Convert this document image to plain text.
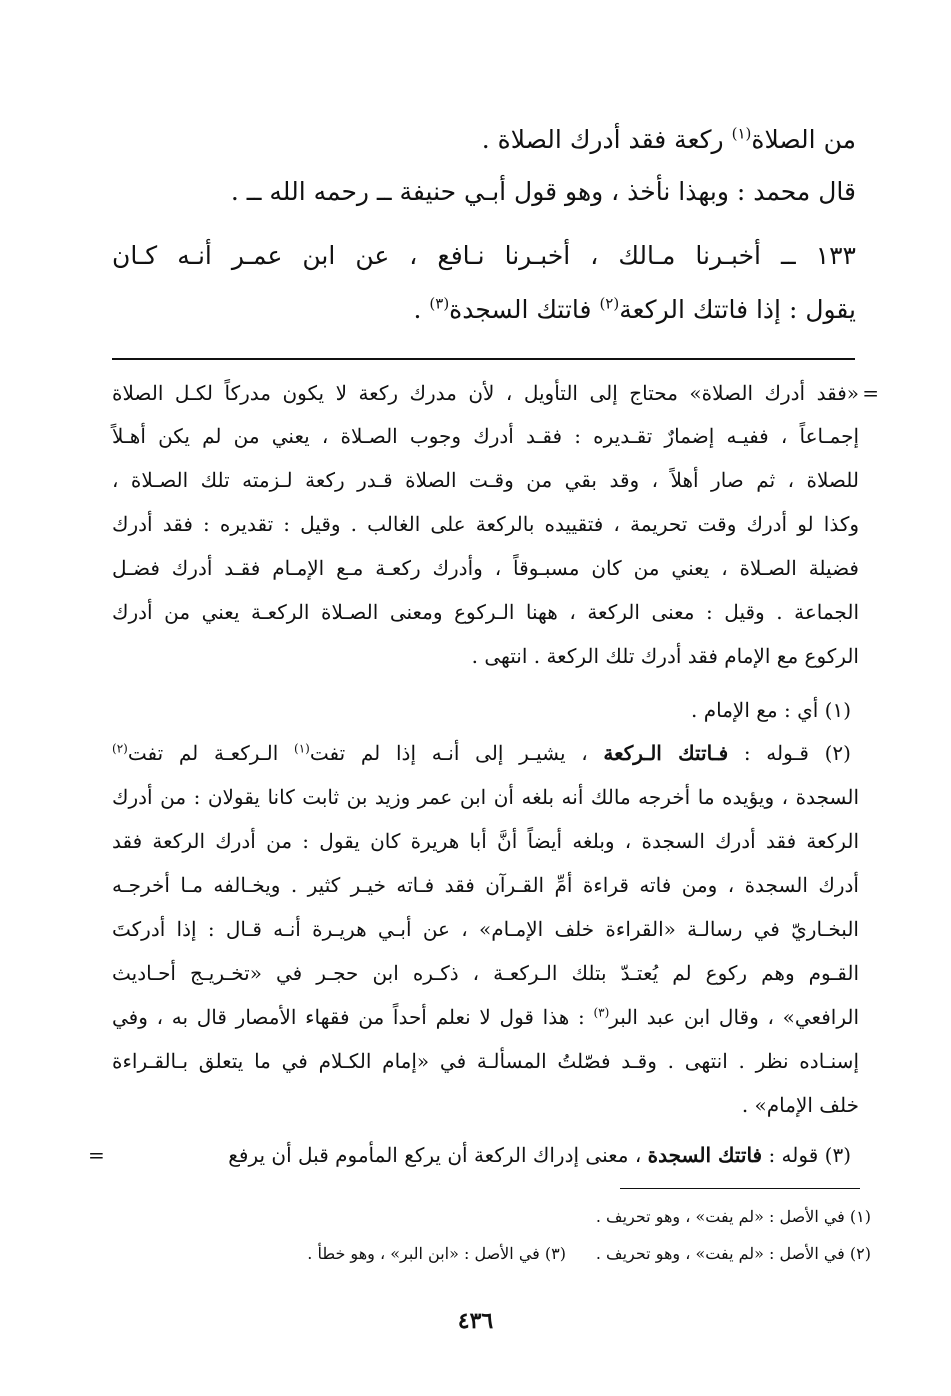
من الصلاة$^{(١)}$ ركعة فقد أدرك الصلاة .
قال محمد : وبهذا نأخذ ، وهو قول أبـي حنيفة ــ رحمه الله ــ .
١٣٣ ــ أخبـرنا مـالك ، أخبـرنا نـافع ، عن ابن عمـر أنـه كـان
يقول : إذا فاتتك الركعة$^{(٢)}$ فاتتك السجدة$^{(٣)}$ .
=
«فقد أدرك الصلاة» محتاج إلى التأويل ، لأن مدرك ركعة لا يكون مدركاً لكـل الصلاة
إجمـاعاً ، ففيـه إضمارٌ تقـديره : فقـد أدرك وجوب الصـلاة ، يعني من لم يكن أهـلاً
للصلاة ، ثم صار أهلاً ، وقد بقي من وقـت الصلاة قـدر ركعة لـزمته تلك الصـلاة ،
وكذا لو أدرك وقت تحريمة ، فتقييده بالركعة على الغالب . وقيل : تقديره : فقد أدرك
فضيلة الصـلاة ، يعني من كان مسبـوقاً ، وأدرك ركعـة مـع الإمـام فقـد أدرك فضـل
الجماعة . وقيل : معنى الركعة ، ههنا الـركوع ومعنى الصـلاة الركعـة يعني من أدرك
الركوع مع الإمام فقد أدرك تلك الركعة . انتهى .
(١) أي : مع الإمام .
(٢) قـوله : فـاتتك الـركعة ، يشيـر إلى أنـه إذا لم تفت$^{(١)}$ الـركعـة لم تفت$^{(٢)}$
السجدة ، ويؤيده ما أخرجه مالك أنه بلغه أن ابن عمر وزيد بن ثابت كانا يقولان : من أدرك
الركعة فقد أدرك السجدة ، وبلغه أيضاً أنَّ أبا هريرة كان يقول : من أدرك الركعة فقد
أدرك السجدة ، ومن فاته قراءة أمِّ القـرآن فقد فـاته خيـر كثير . ويخـالفه مـا أخرجـه
البخـاريّ في رسالـة «القراءة خلف الإمـام» ، عن أبـي هريـرة أنـه قـال : إذا أدركتَ
القـوم وهم ركوع لم يُعتـدّ بتلك الـركعـة ، ذكـره ابن حجـر في «تخـريـج أحـاديث
الرافعي» ، وقال ابن عبد البر$^{(٣)}$ : هذا قول لا نعلم أحداً من فقهاء الأمصار قال به ، وفي
إسنـاده نظر . انتهى . وقـد فصّلتُ المسألـة في «إمام الكـلام في ما يتعلق بـالقـراءة
خلف الإمام» .
(٣) قوله : فاتتك السجدة ، معنى إدراك الركعة أن يركع المأموم قبل أن يرفع
=
(١) في الأصل : «لم يفت» ، وهو تحريف .
(٢) في الأصل : «لم يفت» ، وهو تحريف .
(٣) في الأصل : «ابن البر» ، وهو خطأ .
٤٣٦
